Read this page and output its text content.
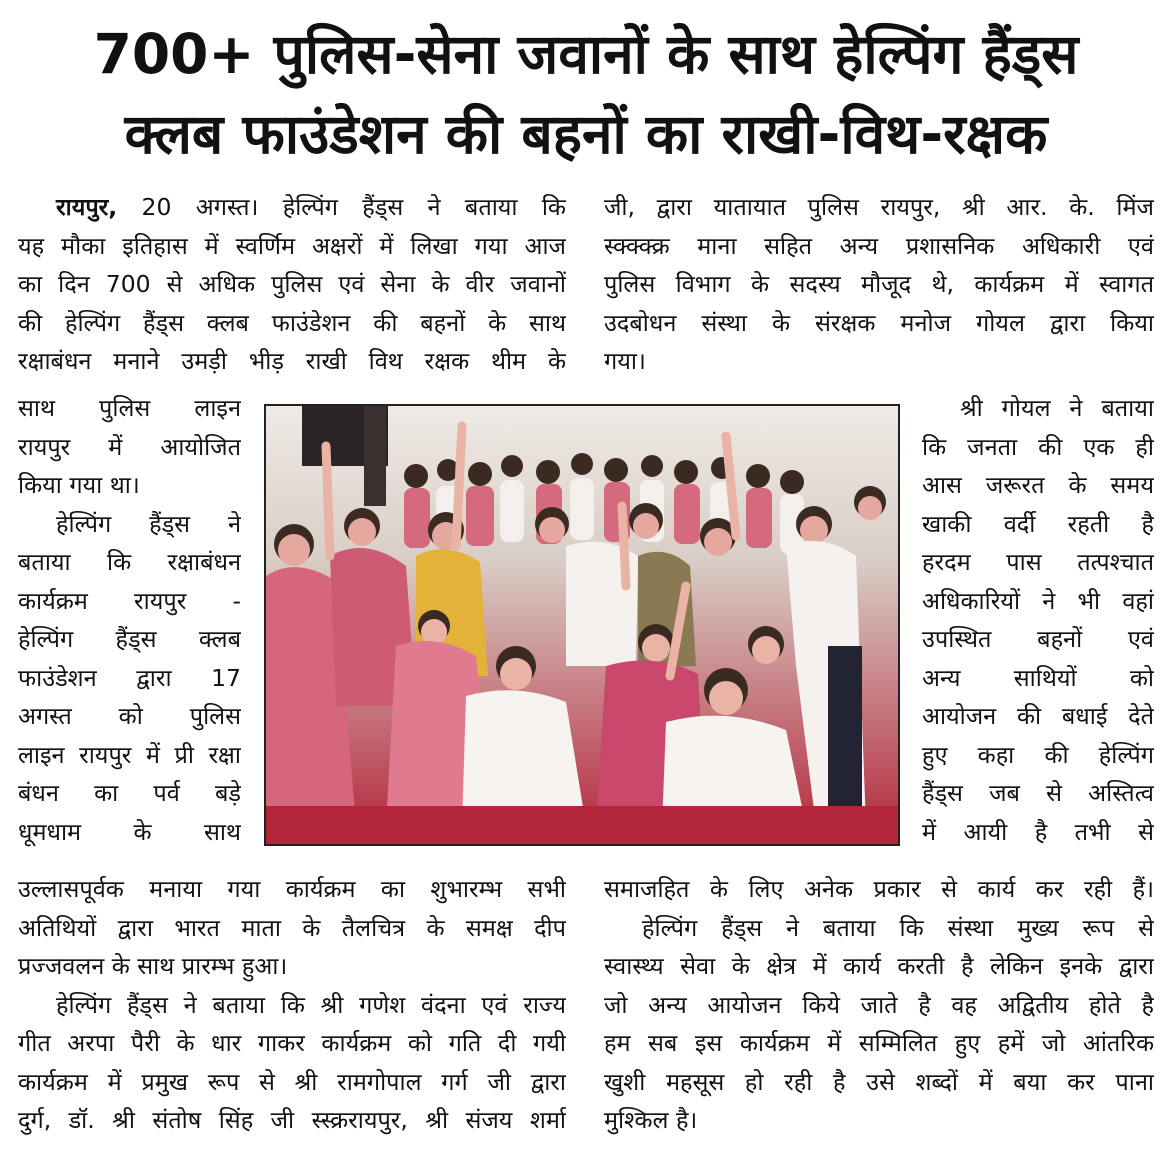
700+ पुलिस-सेना जवानों के साथ हेल्पिंग हैंड्स
क्लब फाउंडेशन की बहनों का राखी-विथ-रक्षक
रायपुर, 20 अगस्त। हेल्पिंग हैंड्स ने बताया कि
यह मौका इतिहास में स्वर्णिम अक्षरों में लिखा गया आज
का दिन 700 से अधिक पुलिस एवं सेना के वीर जवानों
की हेल्पिंग हैंड्स क्लब फाउंडेशन की बहनों के साथ
रक्षाबंधन मनाने उमड़ी भीड़ राखी विथ रक्षक थीम के
साथ पुलिस लाइन
रायपुर में आयोजित
किया गया था।
हेल्पिंग हैंड्स ने
बताया कि रक्षाबंधन
कार्यक्रम रायपुर -
हेल्पिंग हैंड्स क्लब
फाउंडेशन द्वारा 17
अगस्त को पुलिस
लाइन रायपुर में प्री रक्षा
बंधन का पर्व बड़े
धूमधाम के साथ
उल्लासपूर्वक मनाया गया कार्यक्रम का शुभारम्भ सभी
अतिथियों द्वारा भारत माता के तैलचित्र के समक्ष दीप
प्रज्जवलन के साथ प्रारम्भ हुआ।
हेल्पिंग हैंड्स ने बताया कि श्री गणेश वंदना एवं राज्य
गीत अरपा पैरी के धार गाकर कार्यक्रम को गति दी गयी
कार्यक्रम में प्रमुख रूप से श्री रामगोपाल गर्ग जी द्वारा
दुर्ग, डॉ. श्री संतोष सिंह जी स्स्क्ररायपुर, श्री संजय शर्मा
जी, द्वारा यातायात पुलिस रायपुर, श्री आर. के. मिंज
स्क्क्क्क्र माना सहित अन्य प्रशासनिक अधिकारी एवं
पुलिस विभाग के सदस्य मौजूद थे, कार्यक्रम में स्वागत
उदबोधन संस्था के संरक्षक मनोज गोयल द्वारा किया
गया।
श्री गोयल ने बताया
कि जनता की एक ही
आस जरूरत के समय
खाकी वर्दी रहती है
हरदम पास तत्पश्चात
अधिकारियों ने भी वहां
उपस्थित बहनों एवं
अन्य साथियों को
आयोजन की बधाई देते
हुए कहा की हेल्पिंग
हैंड्स जब से अस्तित्व
में आयी है तभी से
समाजहित के लिए अनेक प्रकार से कार्य कर रही हैं।
हेल्पिंग हैंड्स ने बताया कि संस्था मुख्य रूप से
स्वास्थ्य सेवा के क्षेत्र में कार्य करती है लेकिन इनके द्वारा
जो अन्य आयोजन किये जाते है वह अद्वितीय होते है
हम सब इस कार्यक्रम में सम्मिलित हुए हमें जो आंतरिक
खुशी महसूस हो रही है उसे शब्दों में बया कर पाना
मुश्किल है।
